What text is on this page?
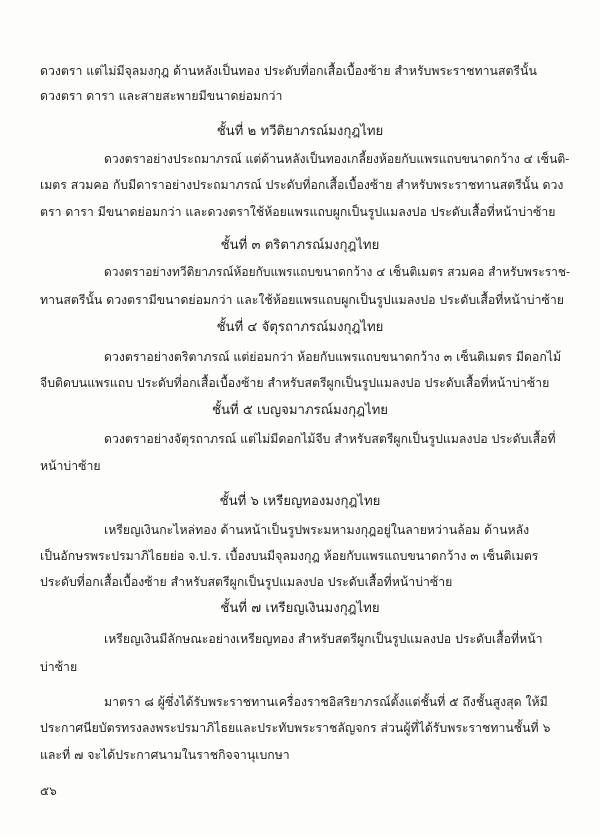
ดวงตรา แต่ไม่มีจุลมงกุฎ ด้านหลังเป็นทอง ประดับที่อกเสื้อเบื้องซ้าย สำหรับพระราชทานสตรีนั้น
ดวงตรา ดารา และสายสะพายมีขนาดย่อมกว่า
ชั้นที่ ๒ ทวีติยาภรณ์มงกุฎไทย
ดวงตราอย่างประถมาภรณ์ แต่ด้านหลังเป็นทองเกลี้ยงห้อยกับแพรแถบขนาดกว้าง ๔ เซ็นติ-
เมตร สวมคอ กับมีดาราอย่างประถมาภรณ์ ประดับที่อกเสื้อเบื้องซ้าย สำหรับพระราชทานสตรีนั้น ดวง
ตรา ดารา มีขนาดย่อมกว่า และดวงตราใช้ห้อยแพรแถบผูกเป็นรูปแมลงปอ ประดับเสื้อที่หน้าบ่าซ้าย
ชั้นที่ ๓ ตริตาภรณ์มงกุฎไทย
ดวงตราอย่างทวีติยาภรณ์ห้อยกับแพรแถบขนาดกว้าง ๔ เซ็นติเมตร สวมคอ สำหรับพระราช-
ทานสตรีนั้น ดวงตรามีขนาดย่อมกว่า และใช้ห้อยแพรแถบผูกเป็นรูปแมลงปอ ประดับเสื้อที่หน้าบ่าซ้าย
ชั้นที่ ๔ จัตุรถาภรณ์มงกุฎไทย
ดวงตราอย่างตริตาภรณ์ แต่ย่อมกว่า ห้อยกับแพรแถบขนาดกว้าง ๓ เซ็นติเมตร มีดอกไม้
จีบติดบนแพรแถบ ประดับที่อกเสื้อเบื้องซ้าย สำหรับสตรีผูกเป็นรูปแมลงปอ ประดับเสื้อที่หน้าบ่าซ้าย
ชั้นที่ ๕ เบญจมาภรณ์มงกุฎไทย
ดวงตราอย่างจัตุรถาภรณ์ แต่ไม่มีดอกไม้จีบ สำหรับสตรีผูกเป็นรูปแมลงปอ ประดับเสื้อที่
หน้าบ่าซ้าย
ชั้นที่ ๖ เหรียญทองมงกุฎไทย
เหรียญเงินกะไหล่ทอง ด้านหน้าเป็นรูปพระมหามงกุฎอยู่ในลายหว่านล้อม ด้านหลัง
เป็นอักษรพระปรมาภิไธยย่อ จ.ป.ร. เบื้องบนมีจุลมงกุฎ ห้อยกับแพรแถบขนาดกว้าง ๓ เซ็นติเมตร
ประดับที่อกเสื้อเบื้องซ้าย สำหรับสตรีผูกเป็นรูปแมลงปอ ประดับเสื้อที่หน้าบ่าซ้าย
ชั้นที่ ๗ เหรียญเงินมงกุฎไทย
เหรียญเงินมีลักษณะอย่างเหรียญทอง สำหรับสตรีผูกเป็นรูปแมลงปอ ประดับเสื้อที่หน้า
บ่าซ้าย
มาตรา ๘ ผู้ซึ่งได้รับพระราชทานเครื่องราชอิสริยาภรณ์ตั้งแต่ชั้นที่ ๕ ถึงชั้นสูงสุด ให้มี
ประกาศนียบัตรทรงลงพระปรมาภิไธยและประทับพระราชลัญจกร ส่วนผู้ที่ได้รับพระราชทานชั้นที่ ๖
และที่ ๗ จะได้ประกาศนามในราชกิจจานุเบกษา
๕๖
